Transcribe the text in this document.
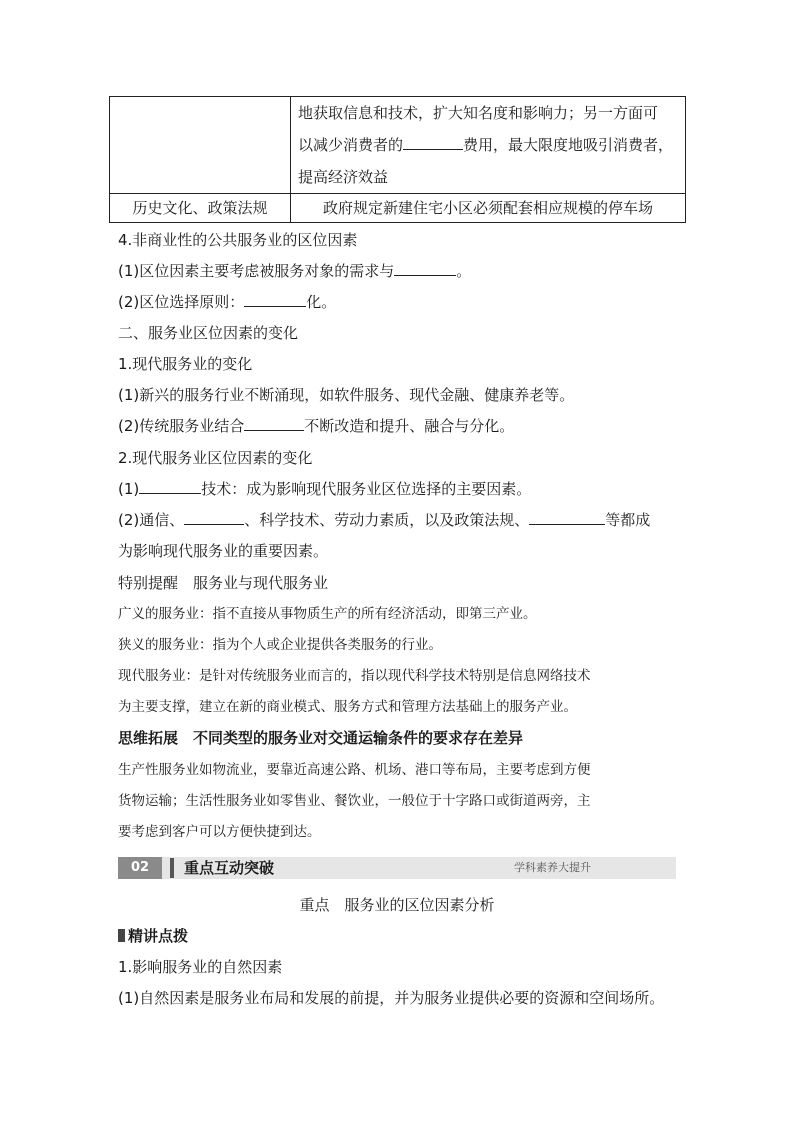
	地获取信息和技术，扩大知名度和影响力；另一方面可
以减少消费者的 费用，最大限度地吸引消费者，
提高经济效益

历史文化、政策法规	政府规定新建住宅小区必须配套相应规模的停车场
4.非商业性的公共服务业的区位因素
(1)区位因素主要考虑被服务对象的需求与	。
(2)区位选择原则：	化。
二、服务业区位因素的变化
1.现代服务业的变化
(1)新兴的服务行业不断涌现，如软件服务、现代金融、健康养老等。
(2)传统服务业结合	不断改造和提升、融合与分化。
2.现代服务业区位因素的变化
(1)	技术：成为影响现代服务业区位选择的主要因素。
(2)通信、	、科学技术、劳动力素质，以及政策法规、	等都成
为影响现代服务业的重要因素。
特别提醒　服务业与现代服务业
广义的服务业：指不直接从事物质生产的所有经济活动，即第三产业。
狭义的服务业：指为个人或企业提供各类服务的行业。
现代服务业：是针对传统服务业而言的，指以现代科学技术特别是信息网络技术
为主要支撑，建立在新的商业模式、服务方式和管理方法基础上的服务产业。
思维拓展　不同类型的服务业对交通运输条件的要求存在差异
生产性服务业如物流业，要靠近高速公路、机场、港口等布局，主要考虑到方便
货物运输；生活性服务业如零售业、餐饮业，一般位于十字路口或街道两旁，主
要考虑到客户可以方便快捷到达。
02	重点互动突破	学科素养大提升
重点　服务业的区位因素分析
精讲点拨
1.影响服务业的自然因素
(1)自然因素是服务业布局和发展的前提，并为服务业提供必要的资源和空间场所。
